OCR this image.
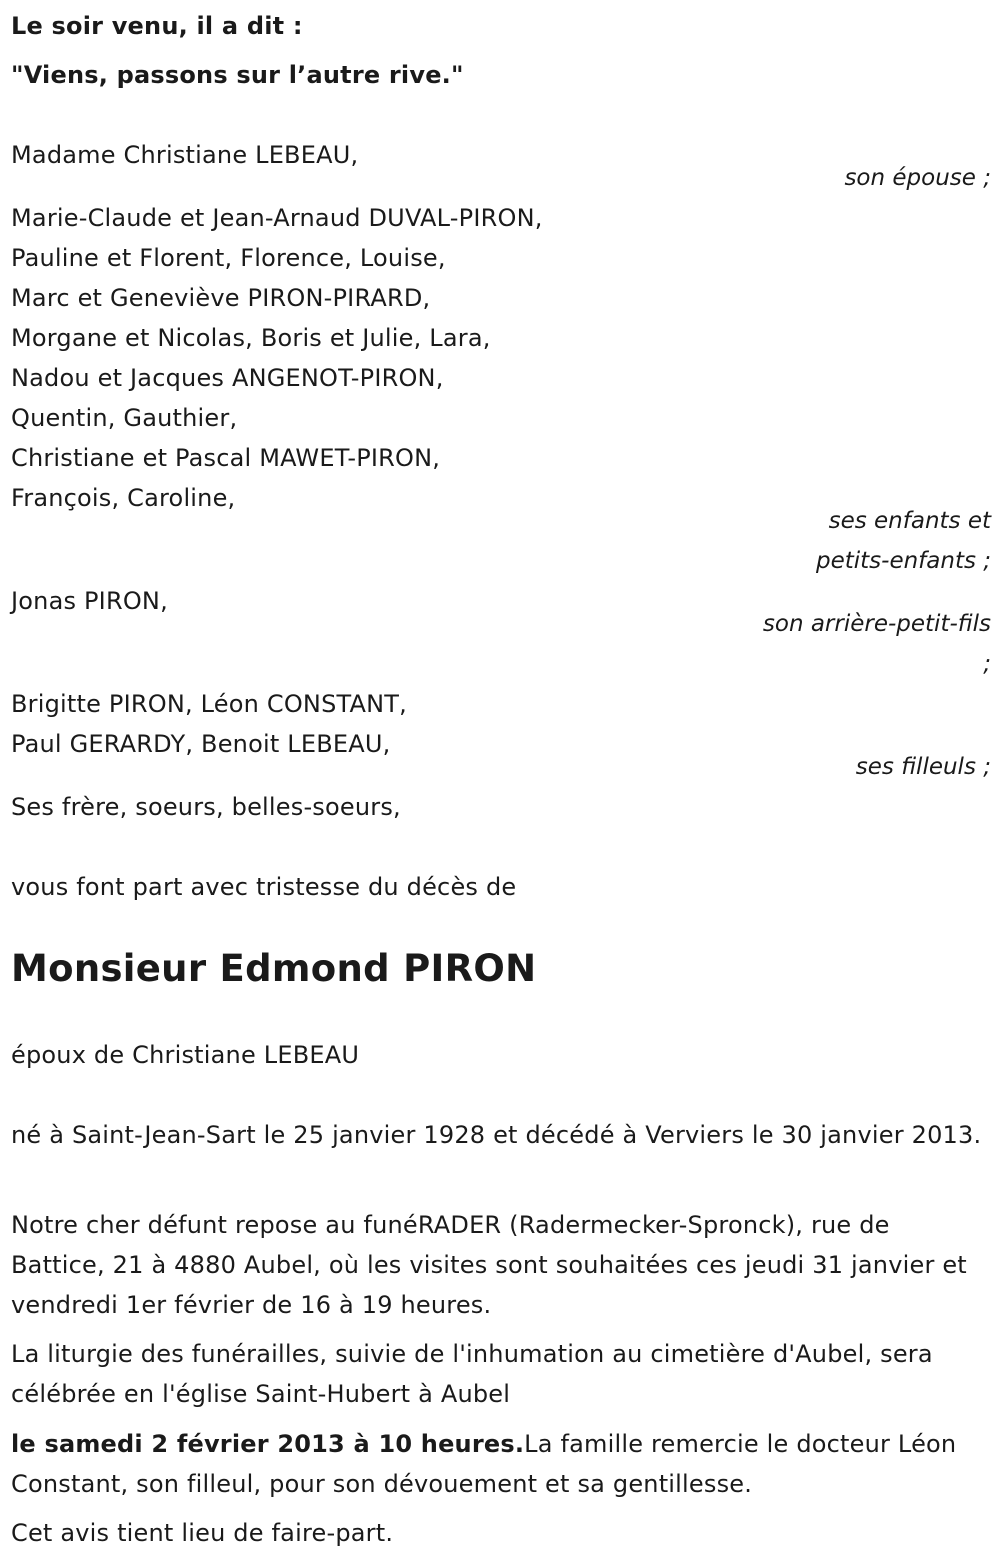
Le soir venu, il a dit :
"Viens, passons sur l’autre rive."
Madame Christiane LEBEAU,
son épouse ;
Marie-Claude et Jean-Arnaud DUVAL-PIRON,
Pauline et Florent, Florence, Louise,
Marc et Geneviève PIRON-PIRARD,
Morgane et Nicolas, Boris et Julie, Lara,
Nadou et Jacques ANGENOT-PIRON,
Quentin, Gauthier,
Christiane et Pascal MAWET-PIRON,
François, Caroline,
ses enfants et
petits-enfants ;
Jonas PIRON,
son arrière-petit-fils
;
Brigitte PIRON, Léon CONSTANT,
Paul GERARDY, Benoit LEBEAU,
ses filleuls ;
Ses frère, soeurs, belles-soeurs,
vous font part avec tristesse du décès de
Monsieur Edmond PIRON
époux de Christiane LEBEAU
né à Saint-Jean-Sart le 25 janvier 1928 et décédé à Verviers le 30 janvier 2013.
Notre cher défunt repose au funéRADER (Radermecker-Spronck), rue de Battice, 21 à 4880 Aubel, où les visites sont souhaitées ces jeudi 31 janvier et vendredi 1er février de 16 à 19 heures.
La liturgie des funérailles, suivie de l'inhumation au cimetière d'Aubel, sera célébrée en l'église Saint-Hubert à Aubel
le samedi 2 février 2013 à 10 heures.La famille remercie le docteur Léon Constant, son filleul, pour son dévouement et sa gentillesse.
Cet avis tient lieu de faire-part.
